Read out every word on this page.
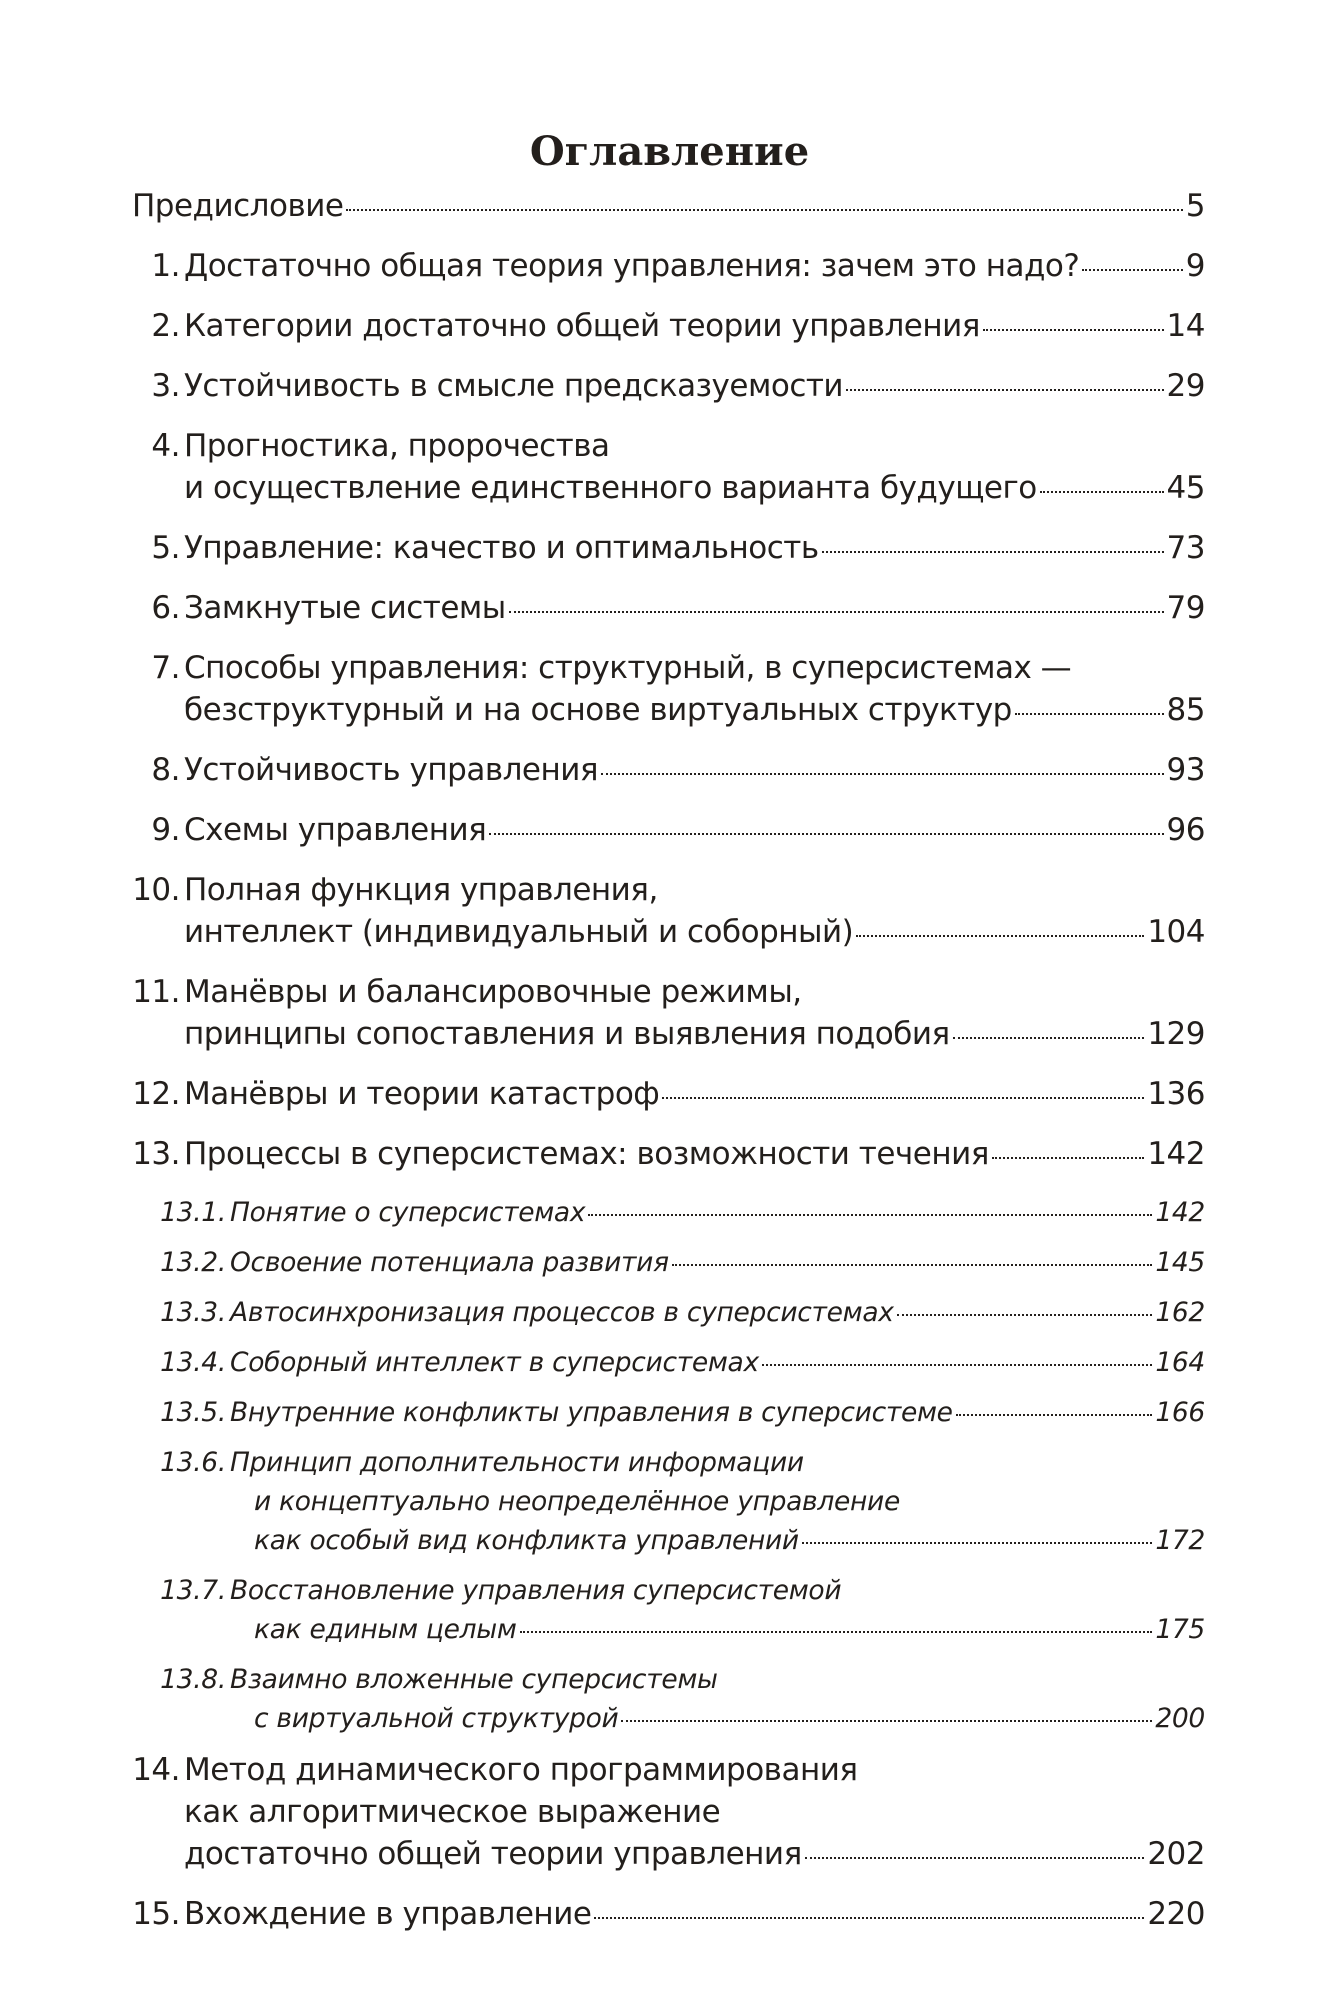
Оглавление
Предисловие	5
1. Достаточно общая теория управления: зачем это надо?	9
2. Категории достаточно общей теории управления	14
3. Устойчивость в смысле предсказуемости	29
4. Прогностика, пророчества
и осуществление единственного варианта будущего	45
5. Управление: качество и оптимальность	73
6. Замкнутые системы	79
7. Способы управления: структурный, в суперсистемах —
безструктурный и на основе виртуальных структур	85
8. Устойчивость управления	93
9. Схемы управления	96
10. Полная функция управления,
интеллект (индивидуальный и соборный)	104
11. Манёвры и балансировочные режимы,
принципы сопоставления и выявления подобия	129
12. Манёвры и теории катастроф	136
13. Процессы в суперсистемах: возможности течения	142
13.1. Понятие о суперсистемах	142
13.2. Освоение потенциала развития	145
13.3. Автосинхронизация процессов в суперсистемах	162
13.4. Соборный интеллект в суперсистемах	164
13.5. Внутренние конфликты управления в суперсистеме	166
13.6. Принцип дополнительности информации
и концептуально неопределённое управление
как особый вид конфликта управлений	172
13.7. Восстановление управления суперсистемой
как единым целым	175
13.8. Взаимно вложенные суперсистемы
с виртуальной структурой	200
14. Метод динамического программирования
как алгоритмическое выражение
достаточно общей теории управления	202
15. Вхождение в управление	220
